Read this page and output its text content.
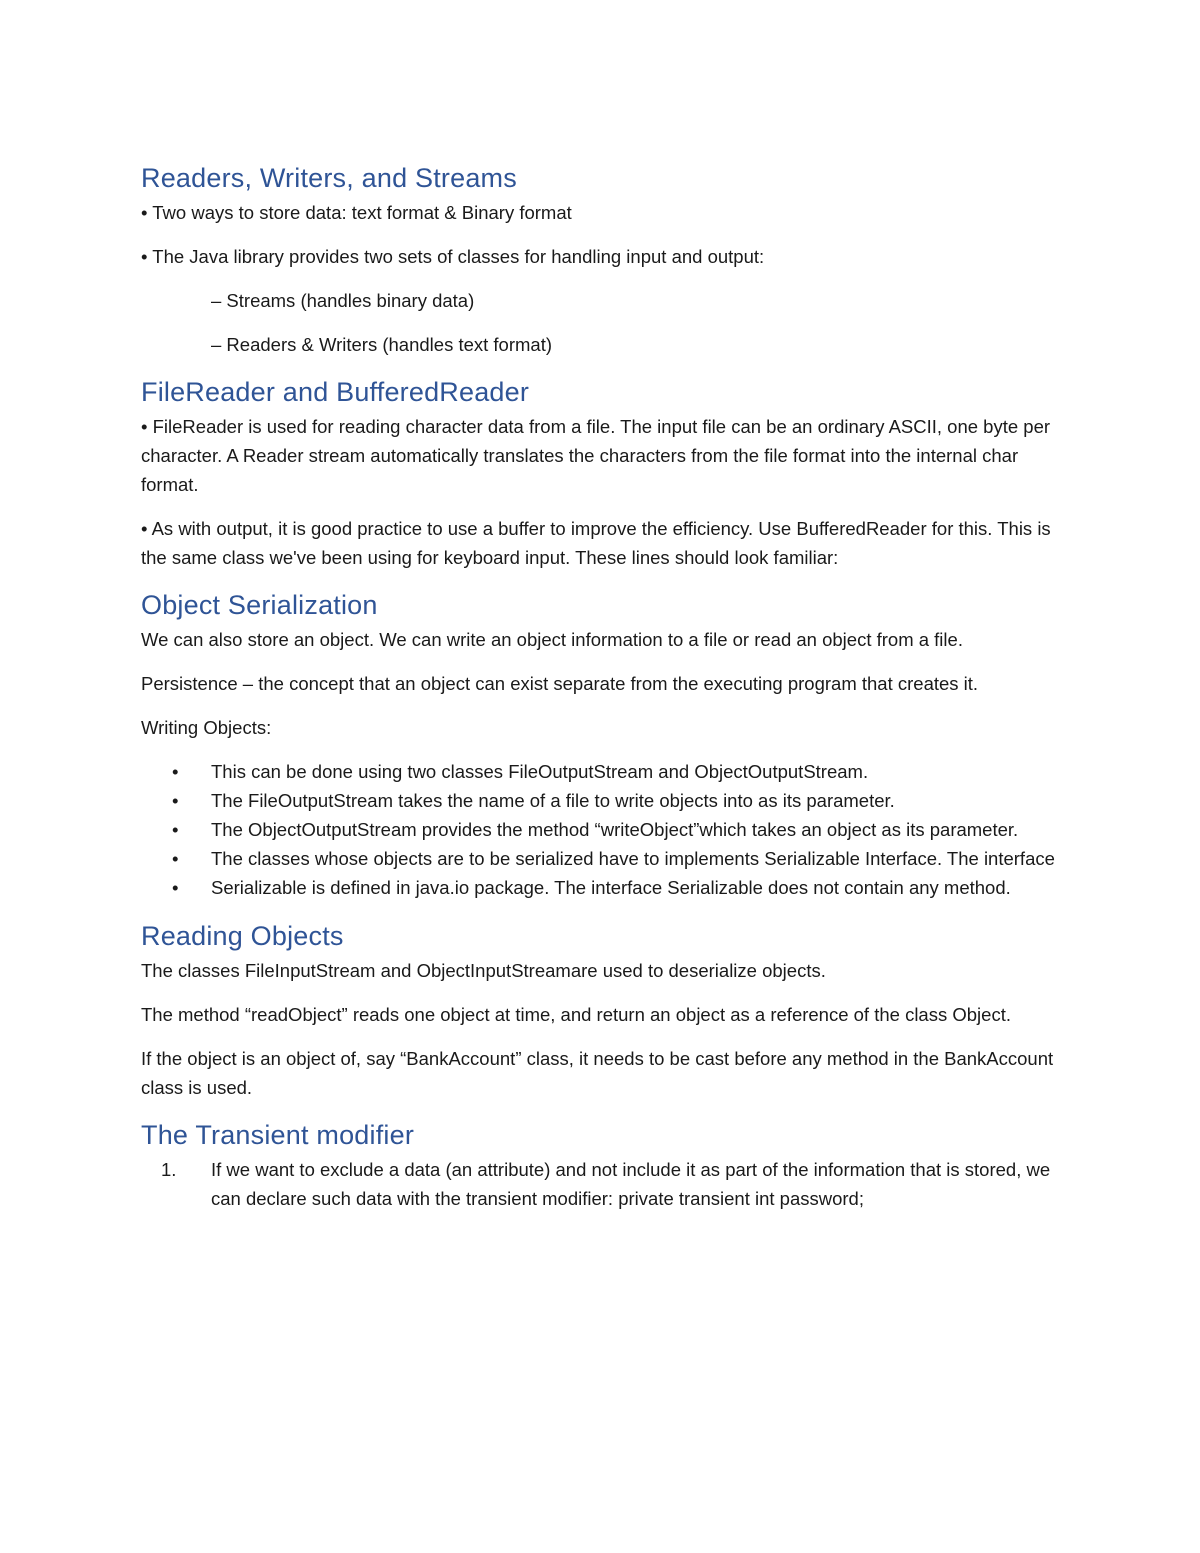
Readers, Writers, and Streams

• Two ways to store data: text format & Binary format

• The Java library provides two sets of classes for handling input and output:

– Streams (handles binary data)

– Readers & Writers (handles text format)

FileReader and BufferedReader

• FileReader is used for reading character data from a file. The input file can be an ordinary ASCII, one byte per character. A Reader stream automatically translates the characters from the file format into the internal char format.

• As with output, it is good practice to use a buffer to improve the efficiency. Use BufferedReader for this. This is the same class we've been using for keyboard input. These lines should look familiar:

Object Serialization

We can also store an object. We can write an object information to a file or read an object from a file.

Persistence – the concept that an object can exist separate from the executing program that creates it.

Writing Objects:

• This can be done using two classes FileOutputStream and ObjectOutputStream.
• The FileOutputStream takes the name of a file to write objects into as its parameter.
• The ObjectOutputStream provides the method “writeObject”which takes an object as its parameter.
• The classes whose objects are to be serialized have to implements Serializable Interface. The interface
• Serializable is defined in java.io package. The interface Serializable does not contain any method.
Reading Objects

The classes FileInputStream and ObjectInputStreamare used to deserialize objects.

The method “readObject” reads one object at time, and return an object as a reference of the class Object.

If the object is an object of, say “BankAccount” class, it needs to be cast before any method in the BankAccount class is used.

The Transient modifier
1. If we want to exclude a data (an attribute) and not include it as part of the information that is stored, we can declare such data with the transient modifier: private transient int password;
